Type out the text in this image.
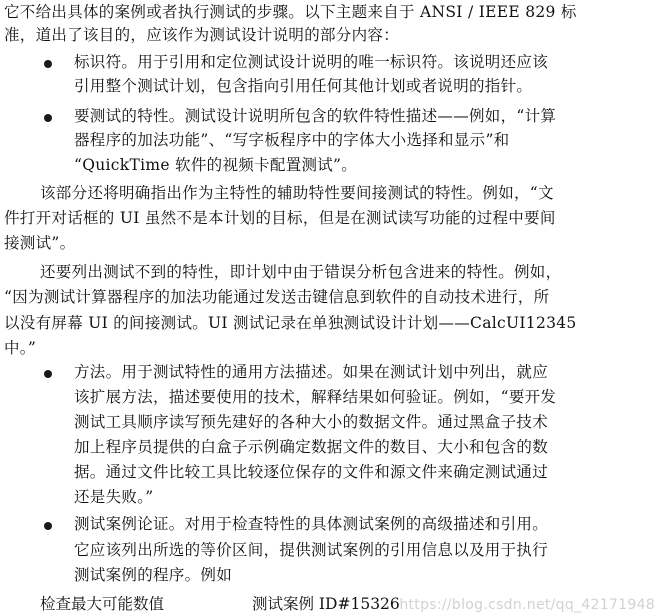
它不给出具体的案例或者执行测试的步骤。以下主题来自于 ANSI / IEEE 829 标
准，道出了该目的，应该作为测试设计说明的部分内容：
标识符。用于引用和定位测试设计说明的唯一标识符。该说明还应该
引用整个测试计划，包含指向引用任何其他计划或者说明的指针。
要测试的特性。测试设计说明所包含的软件特性描述——例如，“计算
器程序的加法功能”、“写字板程序中的字体大小选择和显示”和
“QuickTime 软件的视频卡配置测试”。
该部分还将明确指出作为主特性的辅助特性要间接测试的特性。例如，“文
件打开对话框的 UI 虽然不是本计划的目标，但是在测试读写功能的过程中要间
接测试”。
还要列出测试不到的特性，即计划中由于错误分析包含进来的特性。例如，
“因为测试计算器程序的加法功能通过发送击键信息到软件的自动技术进行，所
以没有屏幕 UI 的间接测试。UI 测试记录在单独测试设计计划——CalcUI12345
中。”
方法。用于测试特性的通用方法描述。如果在测试计划中列出，就应
该扩展方法，描述要使用的技术，解释结果如何验证。例如，“要开发
测试工具顺序读写预先建好的各种大小的数据文件。通过黑盒子技术
加上程序员提供的白盒子示例确定数据文件的数目、大小和包含的数
据。通过文件比较工具比较逐位保存的文件和源文件来确定测试通过
还是失败。”
测试案例论证。对用于检查特性的具体测试案例的高级描述和引用。
它应该列出所选的等价区间，提供测试案例的引用信息以及用于执行
测试案例的程序。例如
检查最大可能数值	测试案例 ID#15326 https://blog.csdn.net/qq_42171948
